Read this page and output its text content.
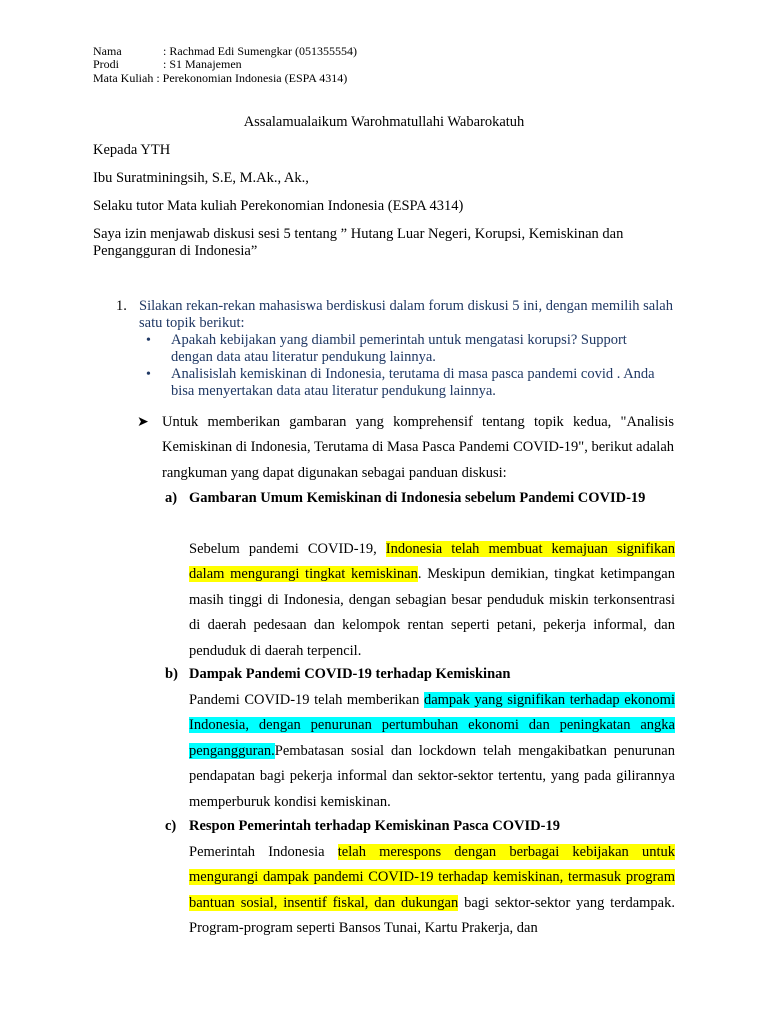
Nama	: Rachmad Edi Sumengkar (051355554)
Prodi	: S1 Manajemen
Mata Kuliah : Perekonomian Indonesia (ESPA 4314)
Assalamualaikum Warohmatullahi Wabarokatuh
Kepada YTH
Ibu Suratminingsih, S.E, M.Ak., Ak.,
Selaku tutor Mata kuliah Perekonomian Indonesia (ESPA 4314)
Saya izin menjawab diskusi sesi 5 tentang ” Hutang Luar Negeri, Korupsi, Kemiskinan dan
Pengangguran di Indonesia”
1. Silakan rekan-rekan mahasiswa berdiskusi dalam forum diskusi 5 ini, dengan memilih salah satu topik berikut:
• Apakah kebijakan yang diambil pemerintah untuk mengatasi korupsi? Support dengan data atau literatur pendukung lainnya.
• Analisislah kemiskinan di Indonesia, terutama di masa pasca pandemi covid . Anda bisa menyertakan data atau literatur pendukung lainnya.
➤ Untuk memberikan gambaran yang komprehensif tentang topik kedua, "Analisis Kemiskinan di Indonesia, Terutama di Masa Pasca Pandemi COVID-19", berikut adalah rangkuman yang dapat digunakan sebagai panduan diskusi:
a) Gambaran Umum Kemiskinan di Indonesia sebelum Pandemi COVID-19
Sebelum pandemi COVID-19, Indonesia telah membuat kemajuan signifikan dalam mengurangi tingkat kemiskinan. Meskipun demikian, tingkat ketimpangan masih tinggi di Indonesia, dengan sebagian besar penduduk miskin terkonsentrasi di daerah pedesaan dan kelompok rentan seperti petani, pekerja informal, dan penduduk di daerah terpencil.
b) Dampak Pandemi COVID-19 terhadap Kemiskinan
Pandemi COVID-19 telah memberikan dampak yang signifikan terhadap ekonomi Indonesia, dengan penurunan pertumbuhan ekonomi dan peningkatan angka pengangguran.Pembatasan sosial dan lockdown telah mengakibatkan penurunan pendapatan bagi pekerja informal dan sektor-sektor tertentu, yang pada gilirannya memperburuk kondisi kemiskinan.
c) Respon Pemerintah terhadap Kemiskinan Pasca COVID-19
Pemerintah Indonesia telah merespons dengan berbagai kebijakan untuk mengurangi dampak pandemi COVID-19 terhadap kemiskinan, termasuk program bantuan sosial, insentif fiskal, dan dukungan bagi sektor-sektor yang terdampak. Program-program seperti Bansos Tunai, Kartu Prakerja, dan
